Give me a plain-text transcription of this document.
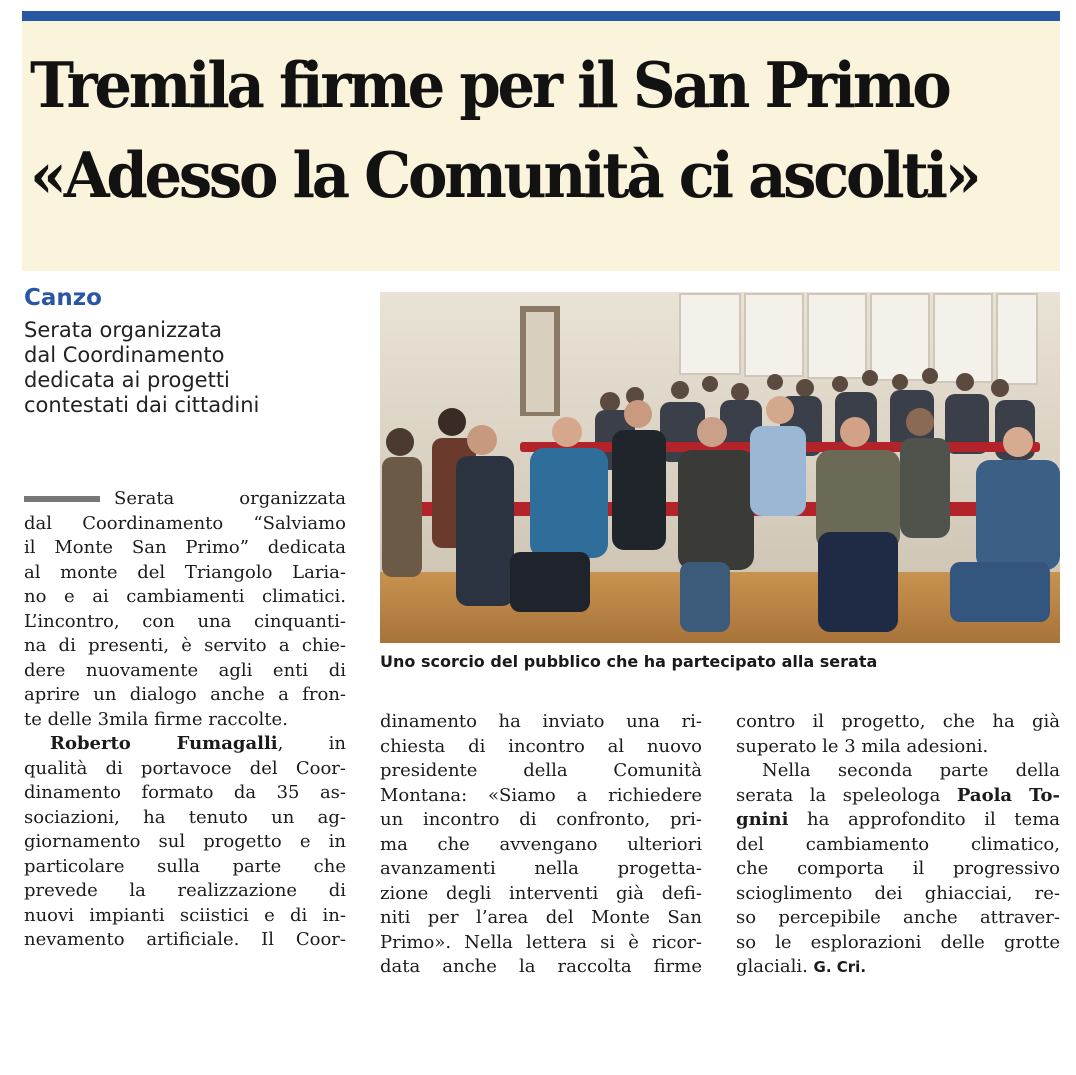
Tremila firme per il San Primo
«Adesso la Comunità ci ascolti»
Canzo
Serata organizzata
dal Coordinamento
dedicata ai progetti
contestati dai cittadini
Uno scorcio del pubblico che ha partecipato alla serata
Serata organizzata
dal Coordinamento “Salviamo
il Monte San Primo” dedicata
al monte del Triangolo Laria-
no e ai cambiamenti climatici.
L’incontro, con una cinquanti-
na di presenti, è servito a chie-
dere nuovamente agli enti di
aprire un dialogo anche a fron-
te delle 3mila firme raccolte.
Roberto Fumagalli, in
qualità di portavoce del Coor-
dinamento formato da 35 as-
sociazioni, ha tenuto un ag-
giornamento sul progetto e in
particolare sulla parte che
prevede la realizzazione di
nuovi impianti sciistici e di in-
nevamento artificiale. Il Coor-
dinamento ha inviato una ri-
chiesta di incontro al nuovo
presidente della Comunità
Montana: «Siamo a richiedere
un incontro di confronto, pri-
ma che avvengano ulteriori
avanzamenti nella progetta-
zione degli interventi già defi-
niti per l’area del Monte San
Primo». Nella lettera si è ricor-
data anche la raccolta firme
contro il progetto, che ha già
superato le 3 mila adesioni.
Nella seconda parte della
serata la speleologa Paola To-
gnini ha approfondito il tema
del cambiamento climatico,
che comporta il progressivo
scioglimento dei ghiacciai, re-
so percepibile anche attraver-
so le esplorazioni delle grotte
glaciali. G. Cri.
